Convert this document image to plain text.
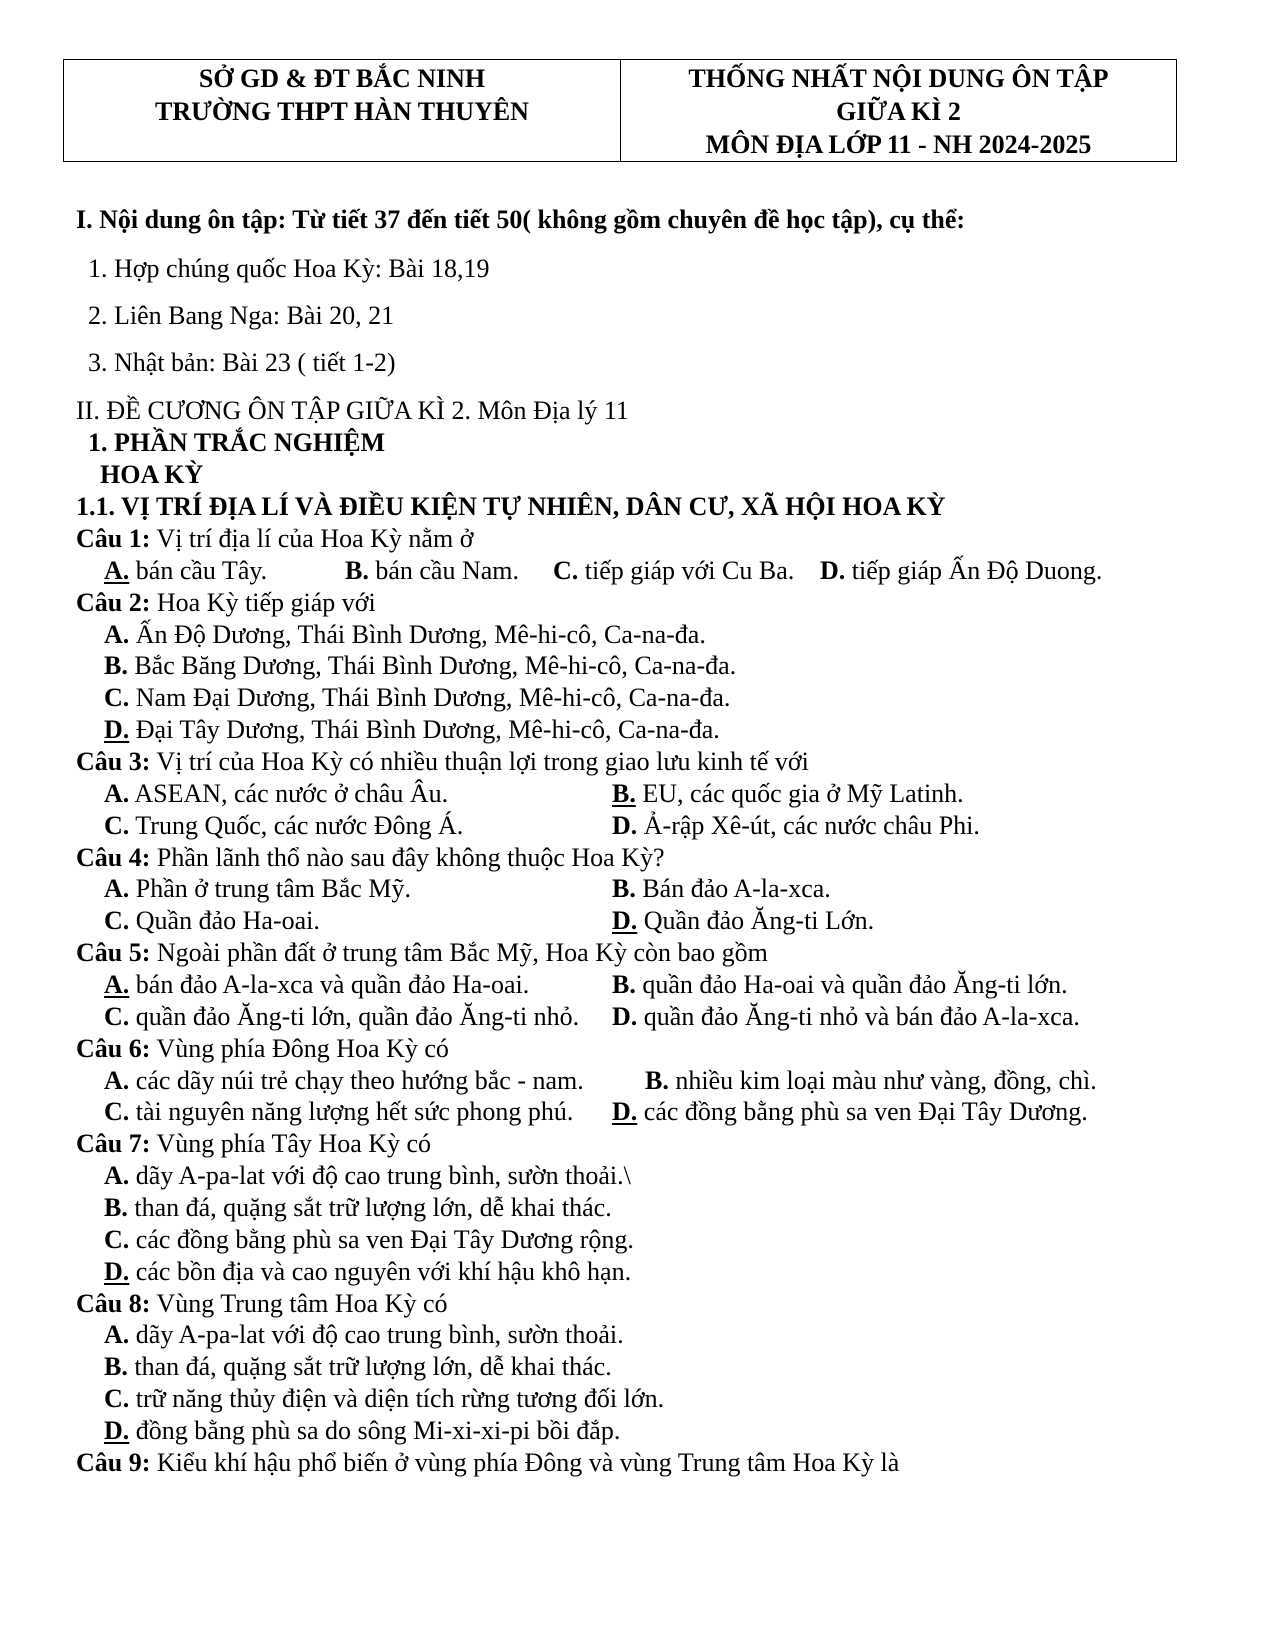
SỞ GD & ĐT BẮC NINH
TRƯỜNG THPT HÀN THUYÊN
THỐNG NHẤT NỘI DUNG ÔN TẬP
GIỮA KÌ 2
MÔN ĐỊA LỚP 11 - NH 2024-2025
I. Nội dung ôn tập: Từ tiết 37 đến tiết 50( không gồm chuyên đề học tập), cụ thể:
1. Hợp chúng quốc Hoa Kỳ: Bài 18,19
2. Liên Bang Nga: Bài 20, 21
3. Nhật bản: Bài 23 ( tiết 1-2)
II. ĐỀ CƯƠNG ÔN TẬP GIỮA KÌ 2. Môn Địa lý 11
1. PHẦN TRẮC NGHIỆM
HOA KỲ
1.1. VỊ TRÍ ĐỊA LÍ VÀ ĐIỀU KIỆN TỰ NHIÊN, DÂN CƯ, XÃ HỘI HOA KỲ
Câu 1: Vị trí địa lí của Hoa Kỳ nằm ở
A. bán cầu Tây.	B. bán cầu Nam. C. tiếp giáp với Cu Ba. D. tiếp giáp Ấn Độ Duong.
Câu 2: Hoa Kỳ tiếp giáp với
A. Ấn Độ Dương, Thái Bình Dương, Mê-hi-cô, Ca-na-đa.
B. Bắc Băng Dương, Thái Bình Dương, Mê-hi-cô, Ca-na-đa.
C. Nam Đại Dương, Thái Bình Dương, Mê-hi-cô, Ca-na-đa.
D. Đại Tây Dương, Thái Bình Dương, Mê-hi-cô, Ca-na-đa.
Câu 3: Vị trí của Hoa Kỳ có nhiều thuận lợi trong giao lưu kinh tế với
A. ASEAN, các nước ở châu Âu.	B. EU, các quốc gia ở Mỹ Latinh.
C. Trung Quốc, các nước Đông Á.	D. Ả-rập Xê-út, các nước châu Phi.
Câu 4: Phần lãnh thổ nào sau đây không thuộc Hoa Kỳ?
A. Phần ở trung tâm Bắc Mỹ.	B. Bán đảo A-la-xca.
C. Quần đảo Ha-oai.	D. Quần đảo Ăng-ti Lớn.
Câu 5: Ngoài phần đất ở trung tâm Bắc Mỹ, Hoa Kỳ còn bao gồm
A. bán đảo A-la-xca và quần đảo Ha-oai.	B. quần đảo Ha-oai và quần đảo Ăng-ti lớn.
C. quần đảo Ăng-ti lớn, quần đảo Ăng-ti nhỏ. D. quần đảo Ăng-ti nhỏ và bán đảo A-la-xca.
Câu 6: Vùng phía Đông Hoa Kỳ có
A. các dãy núi trẻ chạy theo hướng bắc - nam. B. nhiều kim loại màu như vàng, đồng, chì.
C. tài nguyên năng lượng hết sức phong phú. D. các đồng bằng phù sa ven Đại Tây Dương.
Câu 7: Vùng phía Tây Hoa Kỳ có
A. dãy A-pa-lat với độ cao trung bình, sườn thoải.\
B. than đá, quặng sắt trữ lượng lớn, dễ khai thác.
C. các đồng bằng phù sa ven Đại Tây Dương rộng.
D. các bồn địa và cao nguyên với khí hậu khô hạn.
Câu 8: Vùng Trung tâm Hoa Kỳ có
A. dãy A-pa-lat với độ cao trung bình, sườn thoải.
B. than đá, quặng sắt trữ lượng lớn, dễ khai thác.
C. trữ năng thủy điện và diện tích rừng tương đối lớn.
D. đồng bằng phù sa do sông Mi-xi-xi-pi bồi đắp.
Câu 9: Kiểu khí hậu phổ biến ở vùng phía Đông và vùng Trung tâm Hoa Kỳ là
